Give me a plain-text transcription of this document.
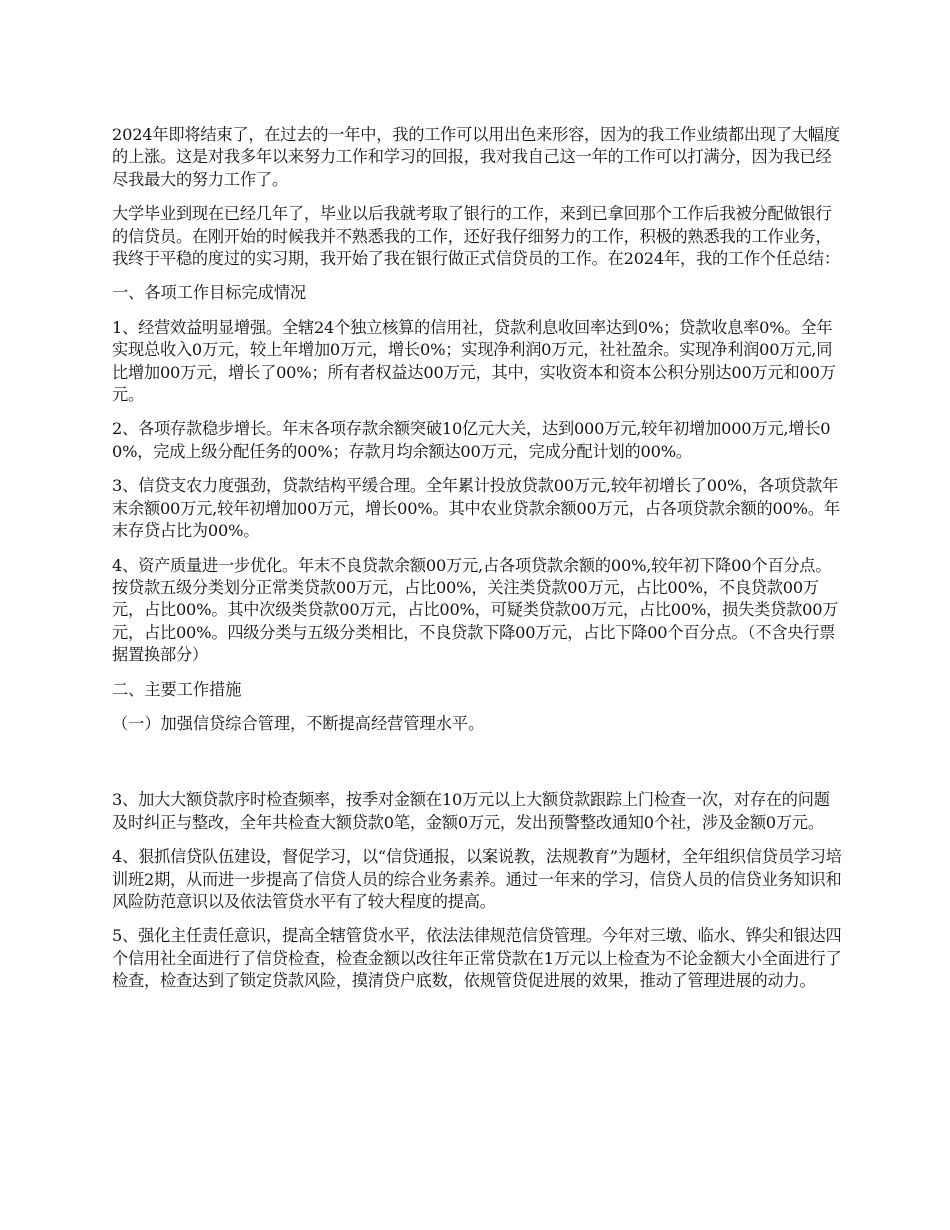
2024年即将结束了，在过去的一年中，我的工作可以用出色来形容，因为的我工作业绩都出现了大幅度的上涨。这是对我多年以来努力工作和学习的回报，我对我自己这一年的工作可以打满分，因为我已经尽我最大的努力工作了。

大学毕业到现在已经几年了，毕业以后我就考取了银行的工作，来到已拿回那个工作后我被分配做银行的信贷员。在刚开始的时候我并不熟悉我的工作，还好我仔细努力的工作，积极的熟悉我的工作业务，我终于平稳的度过的实习期，我开始了我在银行做正式信贷员的工作。在2024年，我的工作个任总结：

一、各项工作目标完成情况

1、经营效益明显增强。全辖24个独立核算的信用社，贷款利息收回率达到0%；贷款收息率0%。全年实现总收入0万元，较上年增加0万元，增长0%；实现净利润0万元，社社盈余。实现净利润00万元,同比增加00万元，增长了00%；所有者权益达00万元，其中，实收资本和资本公积分别达00万元和00万元。

2、各项存款稳步增长。年末各项存款余额突破10亿元大关，达到000万元,较年初增加000万元,增长00%，完成上级分配任务的00%；存款月均余额达00万元，完成分配计划的00%。

3、信贷支农力度强劲，贷款结构平缓合理。全年累计投放贷款00万元,较年初增长了00%，各项贷款年末余额00万元,较年初增加00万元，增长00%。其中农业贷款余额00万元，占各项贷款余额的00%。年末存贷占比为00%。

4、资产质量进一步优化。年末不良贷款余额00万元,占各项贷款余额的00%,较年初下降00个百分点。按贷款五级分类划分正常类贷款00万元，占比00%，关注类贷款00万元，占比00%，不良贷款00万元，占比00%。其中次级类贷款00万元，占比00%，可疑类贷款00万元，占比00%，损失类贷款00万元，占比00%。四级分类与五级分类相比，不良贷款下降00万元，占比下降00个百分点。（不含央行票据置换部分）

二、主要工作措施

（一）加强信贷综合管理，不断提高经营管理水平。

3、加大大额贷款序时检查频率，按季对金额在10万元以上大额贷款跟踪上门检查一次，对存在的问题及时纠正与整改，全年共检查大额贷款0笔，金额0万元，发出预警整改通知0个社，涉及金额0万元。

4、狠抓信贷队伍建设，督促学习，以“信贷通报，以案说教，法规教育”为题材，全年组织信贷员学习培训班2期，从而进一步提高了信贷人员的综合业务素养。通过一年来的学习，信贷人员的信贷业务知识和风险防范意识以及依法管贷水平有了较大程度的提高。

5、强化主任责任意识，提高全辖管贷水平，依法法律规范信贷管理。今年对三墩、临水、铧尖和银达四个信用社全面进行了信贷检查，检查金额以改往年正常贷款在1万元以上检查为不论金额大小全面进行了检查，检查达到了锁定贷款风险，摸清贷户底数，依规管贷促进展的效果，推动了管理进展的动力。
